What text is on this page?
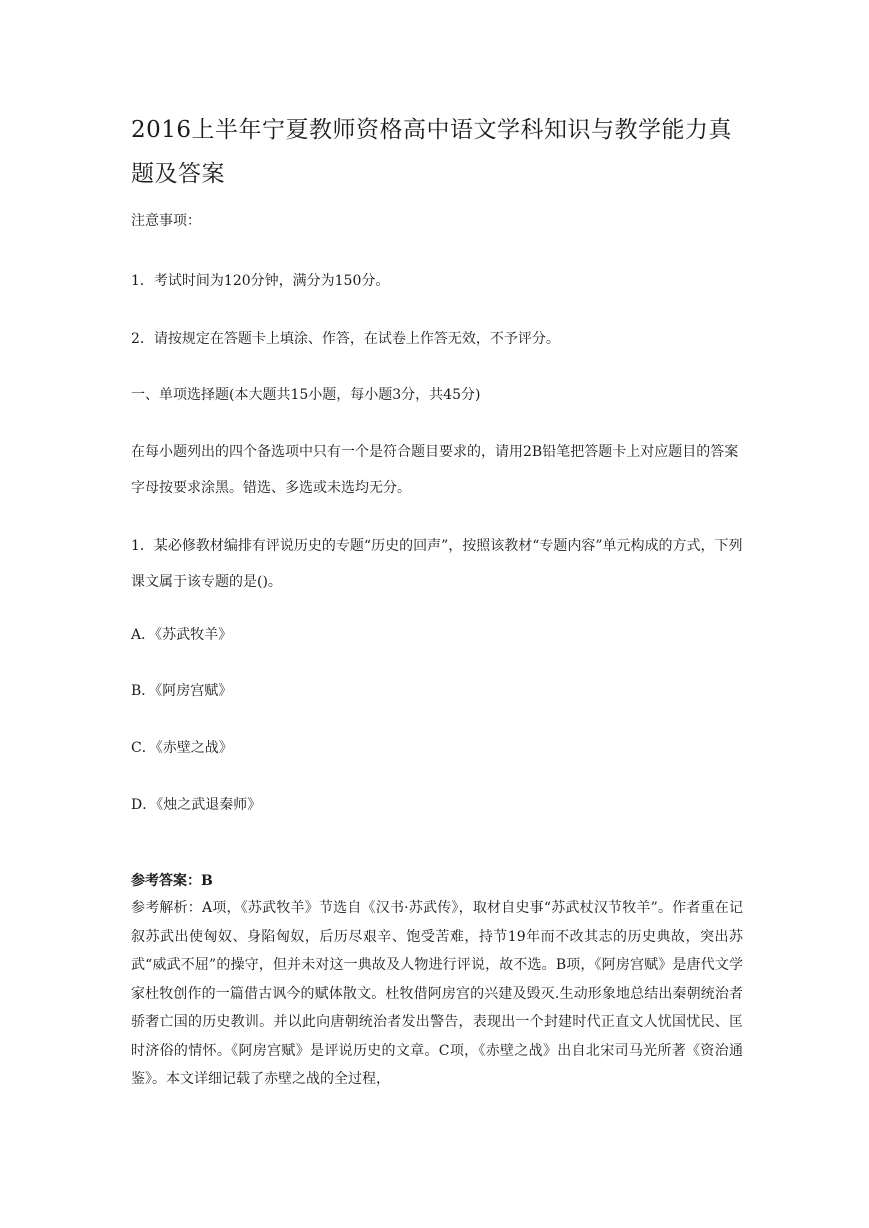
2016上半年宁夏教师资格高中语文学科知识与教学能力真题及答案

注意事项：

1．考试时间为120分钟，满分为150分。

2．请按规定在答题卡上填涂、作答，在试卷上作答无效，不予评分。

一、单项选择题(本大题共15小题，每小题3分，共45分)

在每小题列出的四个备选项中只有一个是符合题目要求的，请用2B铅笔把答题卡上对应题目的答案字母按要求涂黑。错选、多选或未选均无分。

1．某必修教材编排有评说历史的专题“历史的回声”，按照该教材“专题内容”单元构成的方式，下列课文属于该专题的是()。

A．《苏武牧羊》

B．《阿房宫赋》

C．《赤壁之战》

D．《烛之武退秦师》

参考答案：B

参考解析：A项，《苏武牧羊》节选自《汉书·苏武传》，取材自史事“苏武杖汉节牧羊”。作者重在记叙苏武出使匈奴、身陷匈奴，后历尽艰辛、饱受苦难，持节19年而不改其志的历史典故，突出苏武“威武不屈”的操守，但并未对这一典故及人物进行评说，故不选。B项，《阿房宫赋》是唐代文学家杜牧创作的一篇借古讽今的赋体散文。杜牧借阿房宫的兴建及毁灭.生动形象地总结出秦朝统治者骄奢亡国的历史教训。并以此向唐朝统治者发出警告，表现出一个封建时代正直文人忧国忧民、匡时济俗的情怀。《阿房宫赋》是评说历史的文章。C项，《赤壁之战》出自北宋司马光所著《资治通鉴》。本文详细记载了赤壁之战的全过程，
